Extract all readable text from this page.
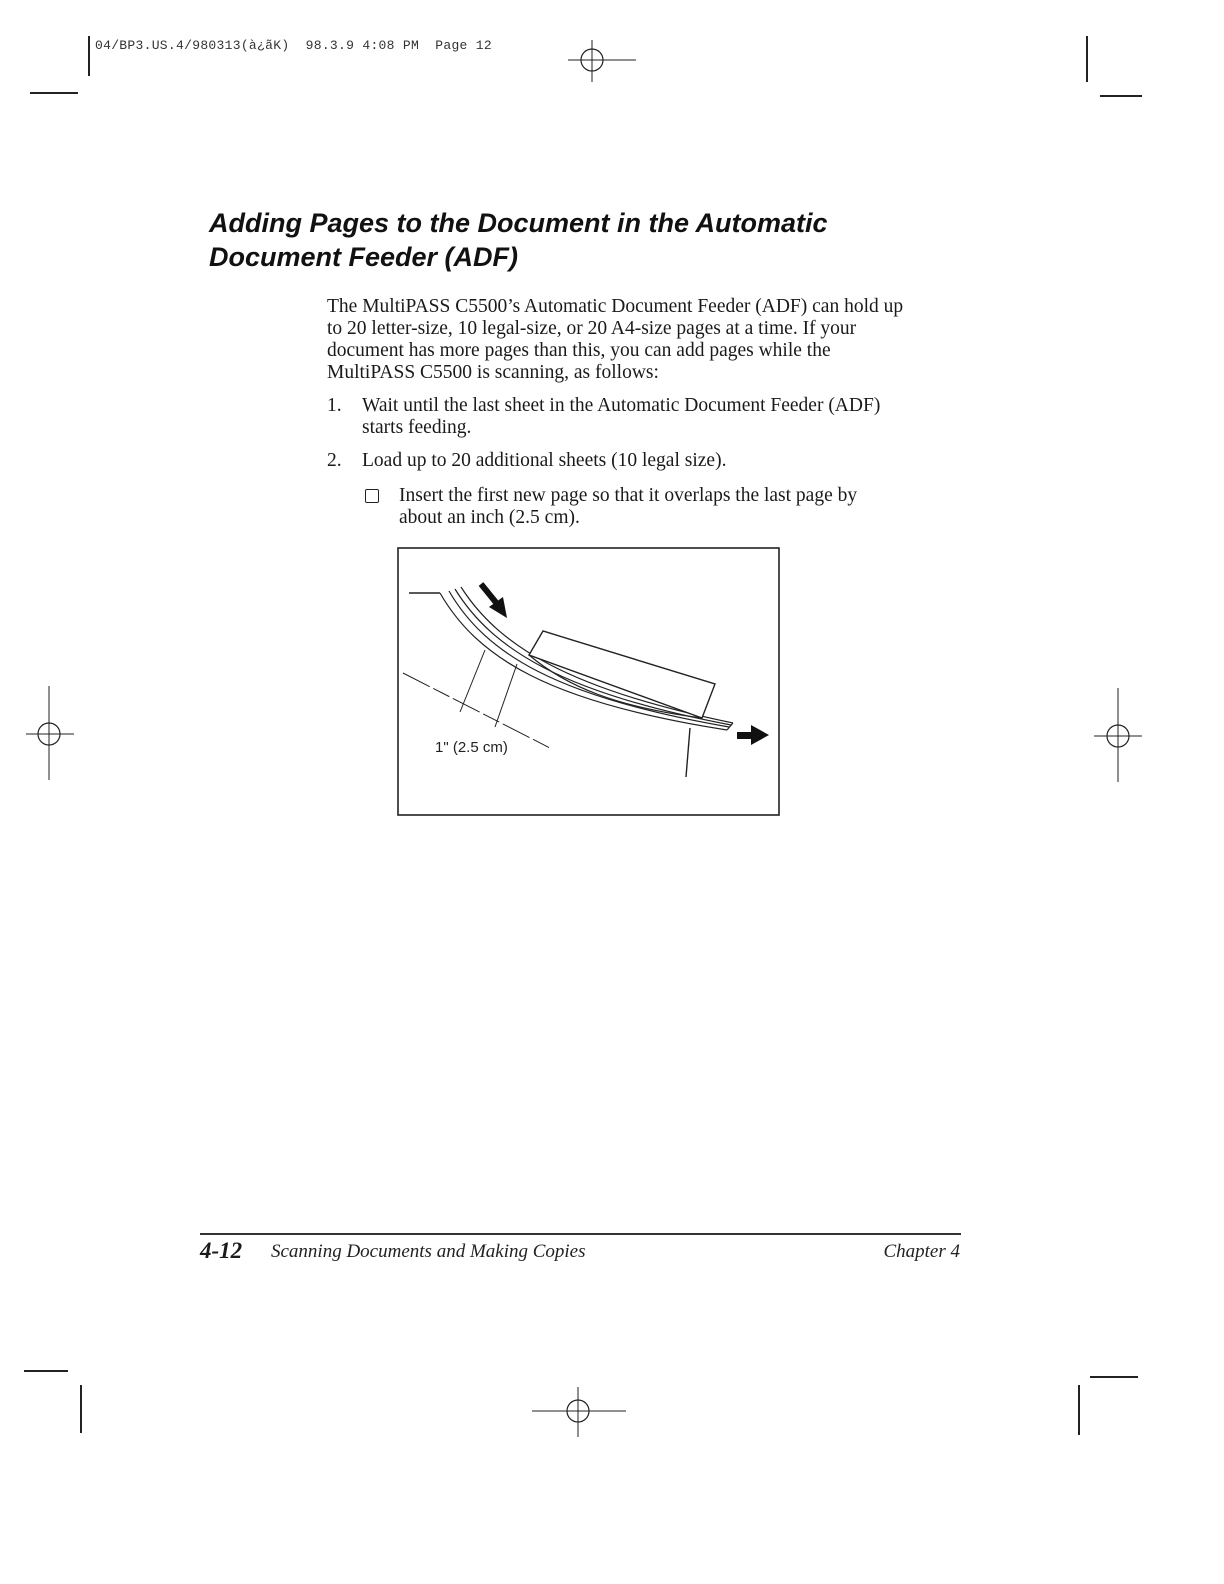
04/BP3.US.4/980313(à¿ãK)  98.3.9 4:08 PM  Page 12
Adding Pages to the Document in the Automatic
Document Feeder (ADF)
The MultiPASS C5500’s Automatic Document Feeder (ADF) can hold up
to 20 letter-size, 10 legal-size, or 20 A4-size pages at a time. If your
document has more pages than this, you can add pages while the
MultiPASS C5500 is scanning, as follows:
1. Wait until the last sheet in the Automatic Document Feeder (ADF)
starts feeding.
2. Load up to 20 additional sheets (10 legal size).
Insert the first new page so that it overlaps the last page by
about an inch (2.5 cm).
1" (2.5 cm)
4-12 Scanning Documents and Making Copies	Chapter 4
